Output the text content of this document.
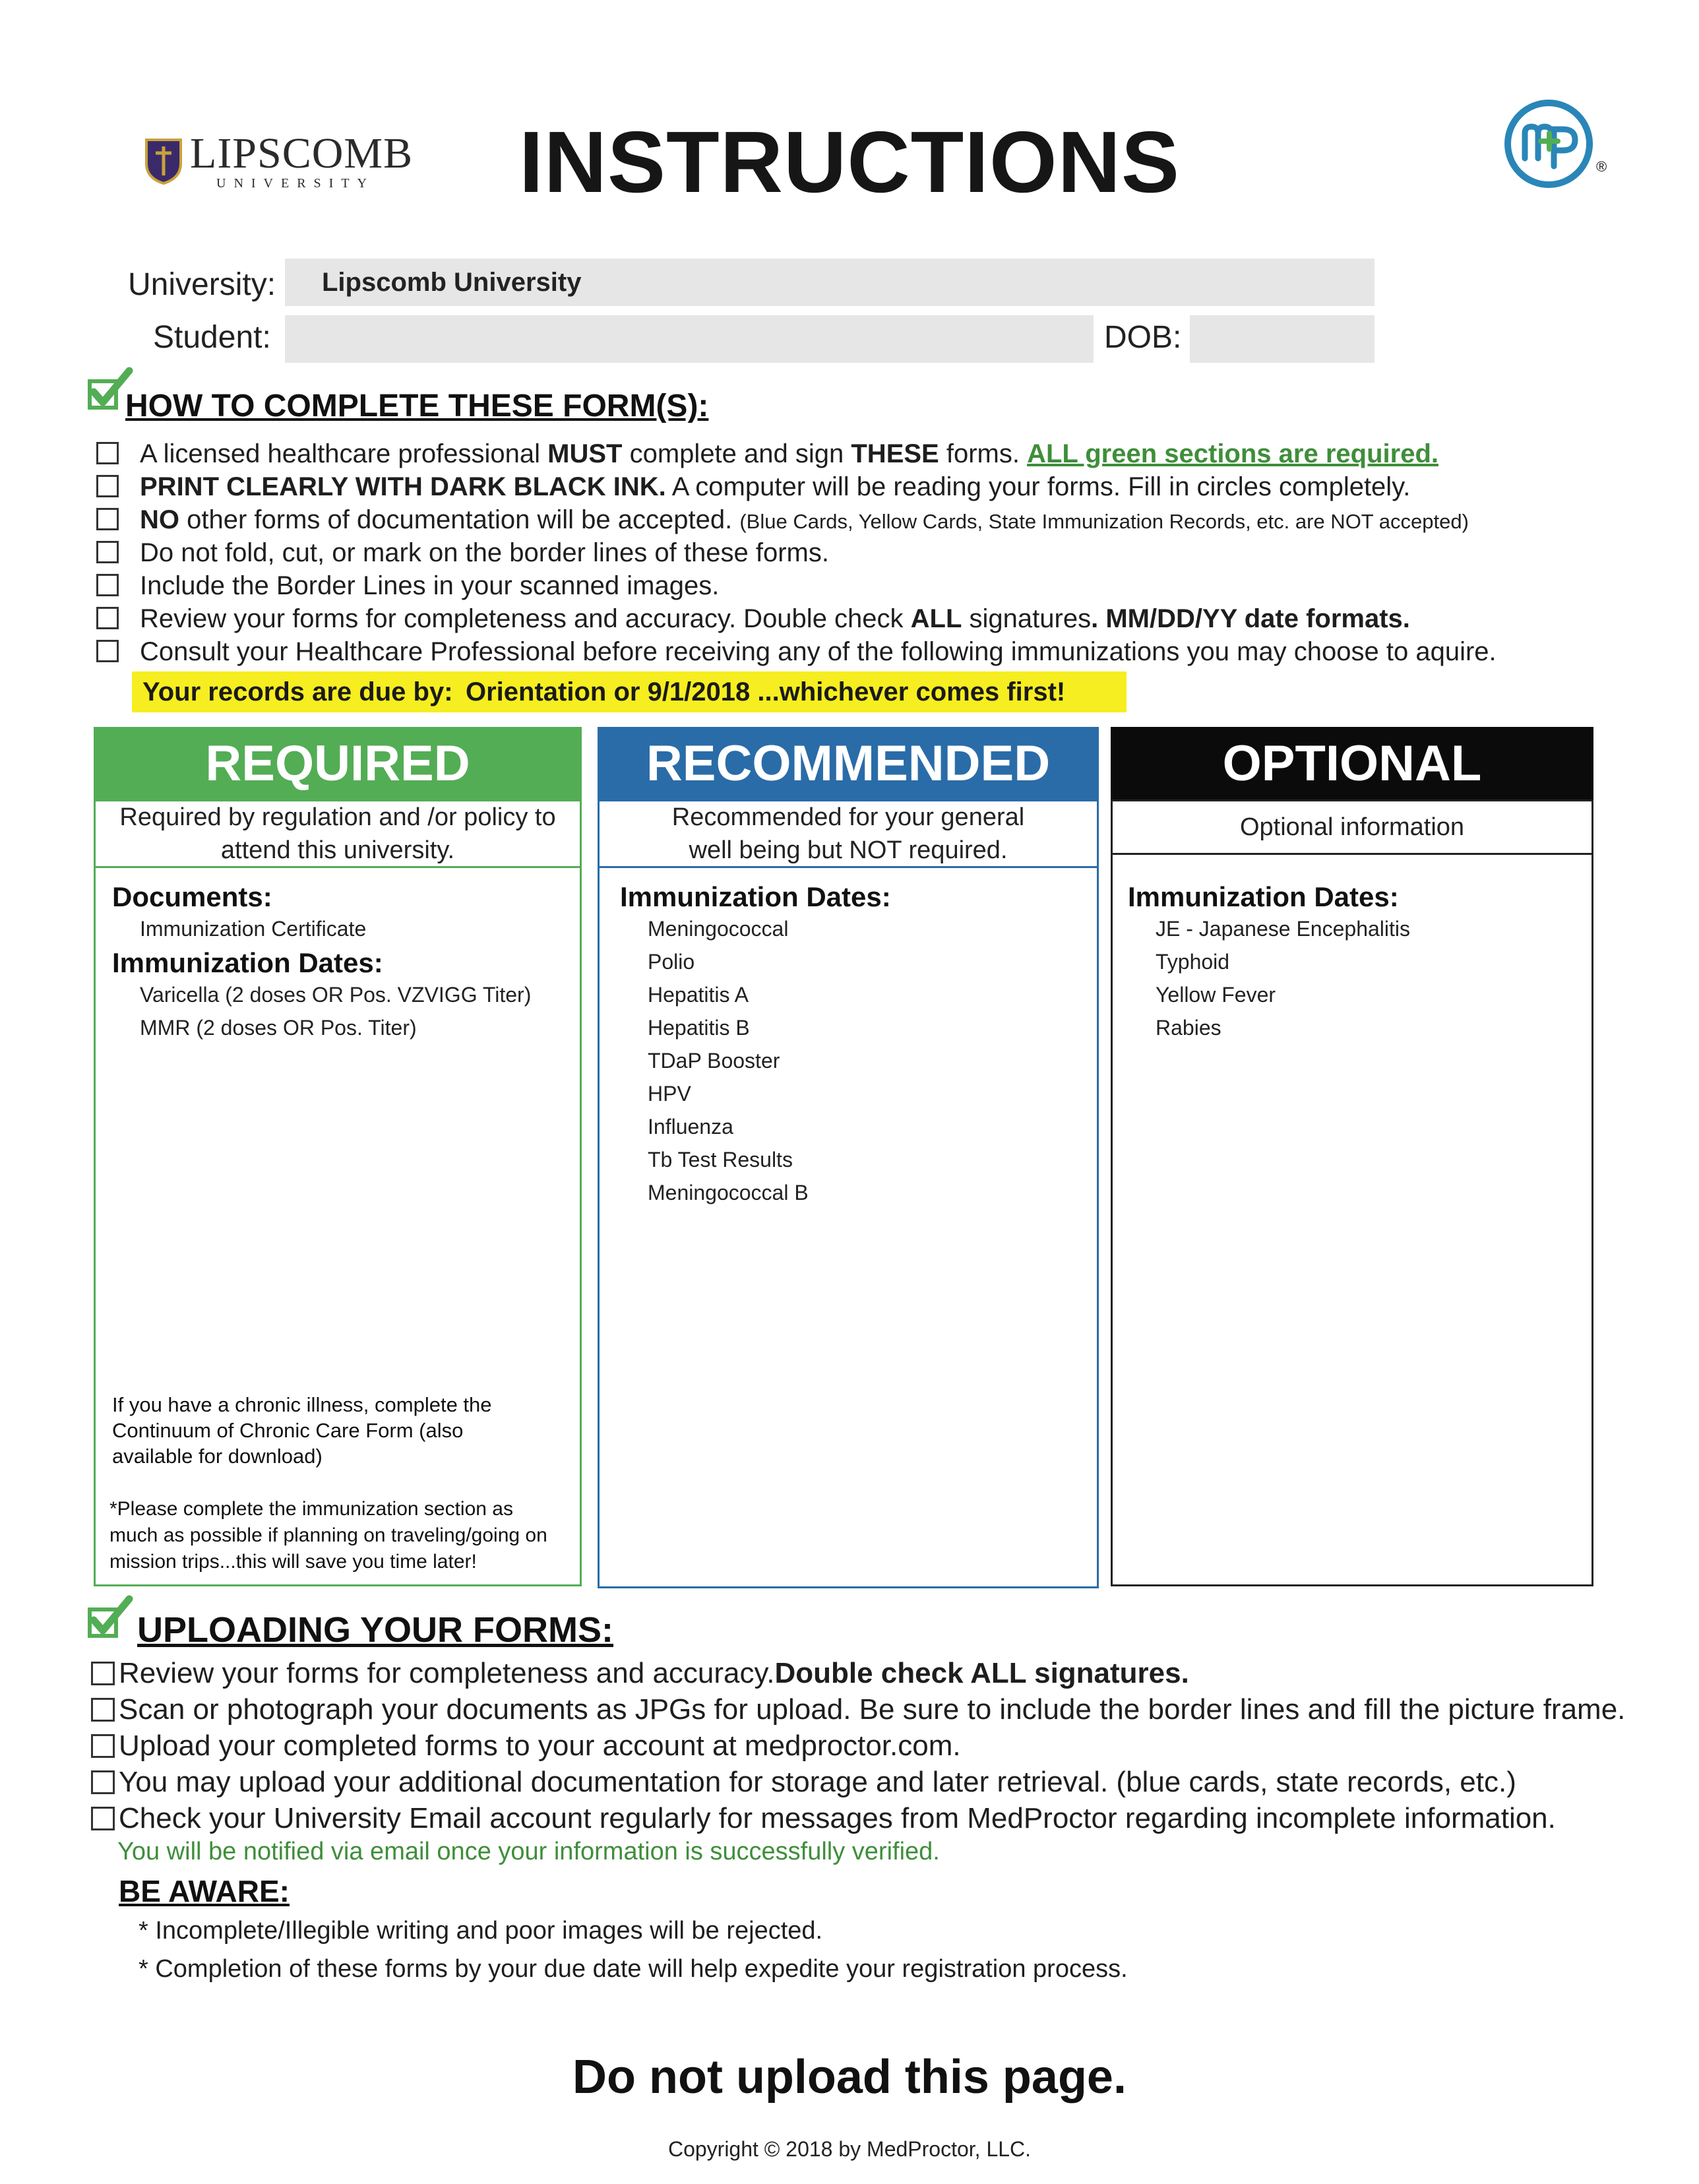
LIPSCOMB
UNIVERSITY	INSTRUCTIONS	®
University:	Lipscomb University
Student:	DOB:
HOW TO COMPLETE THESE FORM(S):
A licensed healthcare professional MUST complete and sign THESE forms. ALL green sections are required.
PRINT CLEARLY WITH DARK BLACK INK. A computer will be reading your forms. Fill in circles completely.
NO other forms of documentation will be accepted. (Blue Cards, Yellow Cards, State Immunization Records, etc. are NOT accepted)
Do not fold, cut, or mark on the border lines of these forms.
Include the Border Lines in your scanned images.
Review your forms for completeness and accuracy. Double check ALL signatures. MM/DD/YY date formats.
Consult your Healthcare Professional before receiving any of the following immunizations you may choose to aquire.
Your records are due by: Orientation or 9/1/2018 ...whichever comes first!
REQUIRED
Required by regulation and /or policy to
attend this university.
Documents:
Immunization Certificate
Immunization Dates:
Varicella (2 doses OR Pos. VZVIGG Titer)
MMR (2 doses OR Pos. Titer)
If you have a chronic illness, complete the
Continuum of Chronic Care Form (also
available for download)
*Please complete the immunization section as
much as possible if planning on traveling/going on
mission trips...this will save you time later!
RECOMMENDED
Recommended for your general
well being but NOT required.
Immunization Dates:
Meningococcal
Polio
Hepatitis A
Hepatitis B
TDaP Booster
HPV
Influenza
Tb Test Results
Meningococcal B
OPTIONAL
Optional information
Immunization Dates:
JE - Japanese Encephalitis
Typhoid
Yellow Fever
Rabies
UPLOADING YOUR FORMS:
Review your forms for completeness and accuracy. Double check ALL signatures.
Scan or photograph your documents as JPGs for upload. Be sure to include the border lines and fill the picture frame.
Upload your completed forms to your account at medproctor.com.
You may upload your additional documentation for storage and later retrieval. (blue cards, state records, etc.)
Check your University Email account regularly for messages from MedProctor regarding incomplete information.
You will be notified via email once your information is successfully verified.
BE AWARE:
* Incomplete/Illegible writing and poor images will be rejected.
* Completion of these forms by your due date will help expedite your registration process.
Do not upload this page.
Copyright © 2018 by MedProctor, LLC.
